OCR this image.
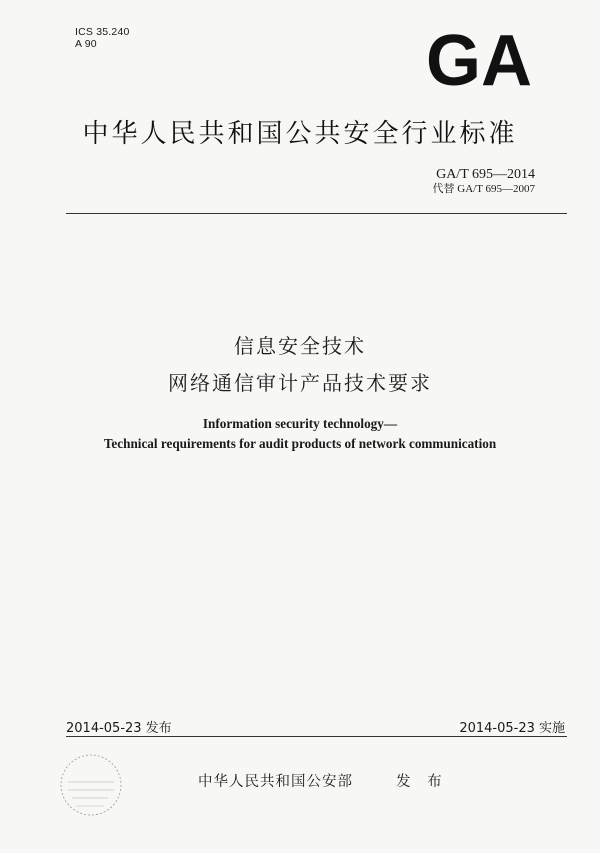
ICS 35.240
A 90	GA
中华人民共和国公共安全行业标准
GA/T 695—2014
代替 GA/T 695—2007
信息安全技术
网络通信审计产品技术要求
Information security technology—
Technical requirements for audit products of network communication
2014-05-23 发布	2014-05-23 实施
中华人民共和国公安部	发 布
